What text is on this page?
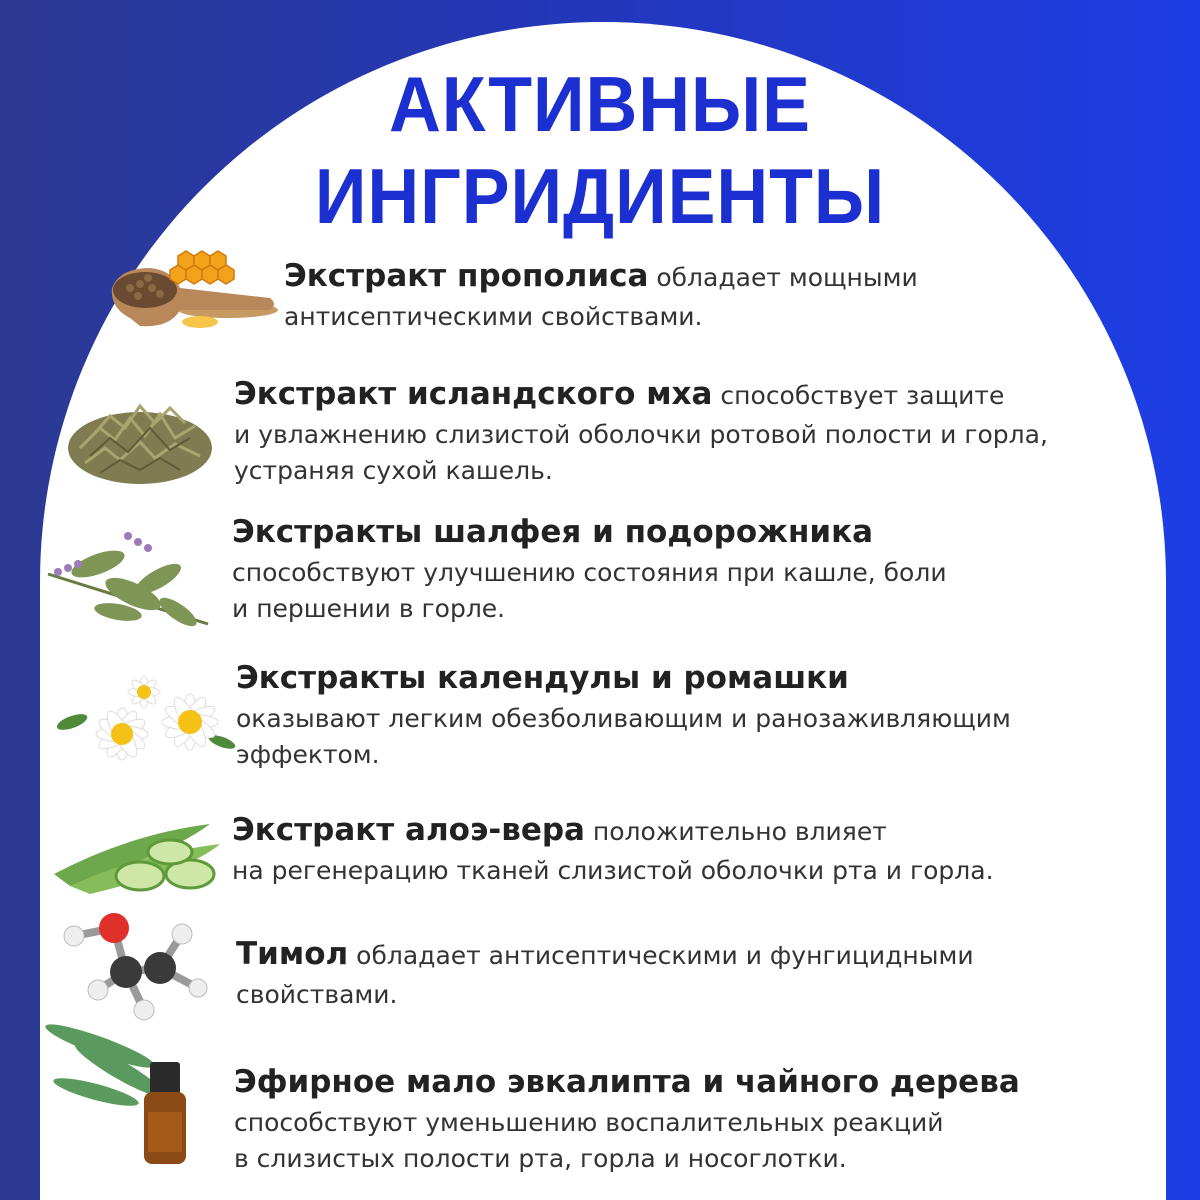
АКТИВНЫЕ
ИНГРИДИЕНТЫ
Экстракт прополиса обладает мощными
антисептическими свойствами.
Экстракт исландского мха способствует защите
и увлажнению слизистой оболочки ротовой полости и горла,
устраняя сухой кашель.
Экстракты шалфея и подорожника
способствуют улучшению состояния при кашле, боли
и першении в горле.
Экстракты календулы и ромашки
оказывают легким обезболивающим и ранозаживляющим
эффектом.
Экстракт алоэ-вера положительно влияет
на регенерацию тканей слизистой оболочки рта и горла.
Тимол обладает антисептическими и фунгицидными
свойствами.
Эфирное мало эвкалипта и чайного дерева
способствуют уменьшению воспалительных реакций
в слизистых полости рта, горла и носоглотки.
